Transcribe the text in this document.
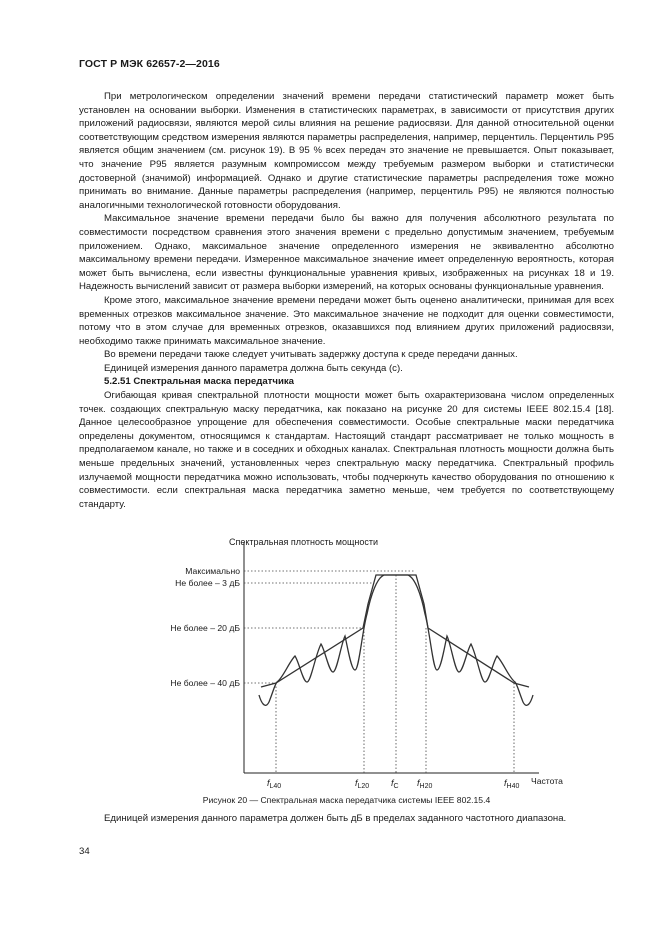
ГОСТ Р МЭК 62657-2—2016

При метрологическом определении значений времени передачи статистический параметр может быть установлен на основании выборки. Изменения в статистических параметрах, в зависимости от присутствия других приложений радиосвязи, являются мерой силы влияния на решение радиосвязи. Для данной относительной оценки соответствующим средством измерения являются параметры распределения, например, перцентиль. Перцентиль P95 является общим значением (см. рисунок 19). В 95 % всех передач это значение не превышается. Опыт показывает, что значение P95 является разумным компромиссом между требуемым размером выборки и статистически достоверной (значимой) информацией. Однако и другие статистические параметры распределения тоже можно принимать во внимание. Данные параметры распределения (например, перцентиль P95) не являются полностью аналогичными технологической готовности оборудования.

Максимальное значение времени передачи было бы важно для получения абсолютного результата по совместимости посредством сравнения этого значения времени с предельно допустимым значением, требуемым приложением. Однако, максимальное значение определенного измерения не эквивалентно абсолютно максимальному времени передачи. Измеренное максимальное значение имеет определенную вероятность, которая может быть вычислена, если известны функциональные уравнения кривых, изображенных на рисунках 18 и 19. Надежность вычислений зависит от размера выборки измерений, на которых основаны функциональные уравнения.

Кроме этого, максимальное значение времени передачи может быть оценено аналитически, принимая для всех временных отрезков максимальное значение. Это максимальное значение не подходит для оценки совместимости, потому что в этом случае для временных отрезков, оказавшихся под влиянием других приложений радиосвязи, необходимо также принимать максимальное значение.

Во времени передачи также следует учитывать задержку доступа к среде передачи данных.

Единицей измерения данного параметра должна быть секунда (с).

5.2.51 Спектральная маска передатчика

Огибающая кривая спектральной плотности мощности может быть охарактеризована числом определенных точек. создающих спектральную маску передатчика, как показано на рисунке 20 для системы IEEE 802.15.4 [18]. Данное целесообразное упрощение для обеспечения совместимости. Особые спектральные маски передатчика определены документом, относящимся к стандартам. Настоящий стандарт рассматривает не только мощность в предполагаемом канале, но также и в соседних и обходных каналах. Спектральная плотность мощности должна быть меньше предельных значений, установленных через спектральную маску передатчика. Спектральный профиль излучаемой мощности передатчика можно использовать, чтобы подчеркнуть качество оборудования по отношению к совместимости. если спектральная маска передатчика заметно меньше, чем требуется по соответствующему стандарту.

Спектральная плотность мощности
Максимально
Не более – 3 дБ
Не более – 20 дБ
Не более – 40 дБ
$f_{L40}$	$f_{L20}$ $f_C$ $f_{H20}$	$f_{H40}$
Частота
Рисунок 20 — Спектральная маска передатчика системы IEEE 802.15.4

Единицей измерения данного параметра должен быть дБ в пределах заданного частотного диапазона.

34
